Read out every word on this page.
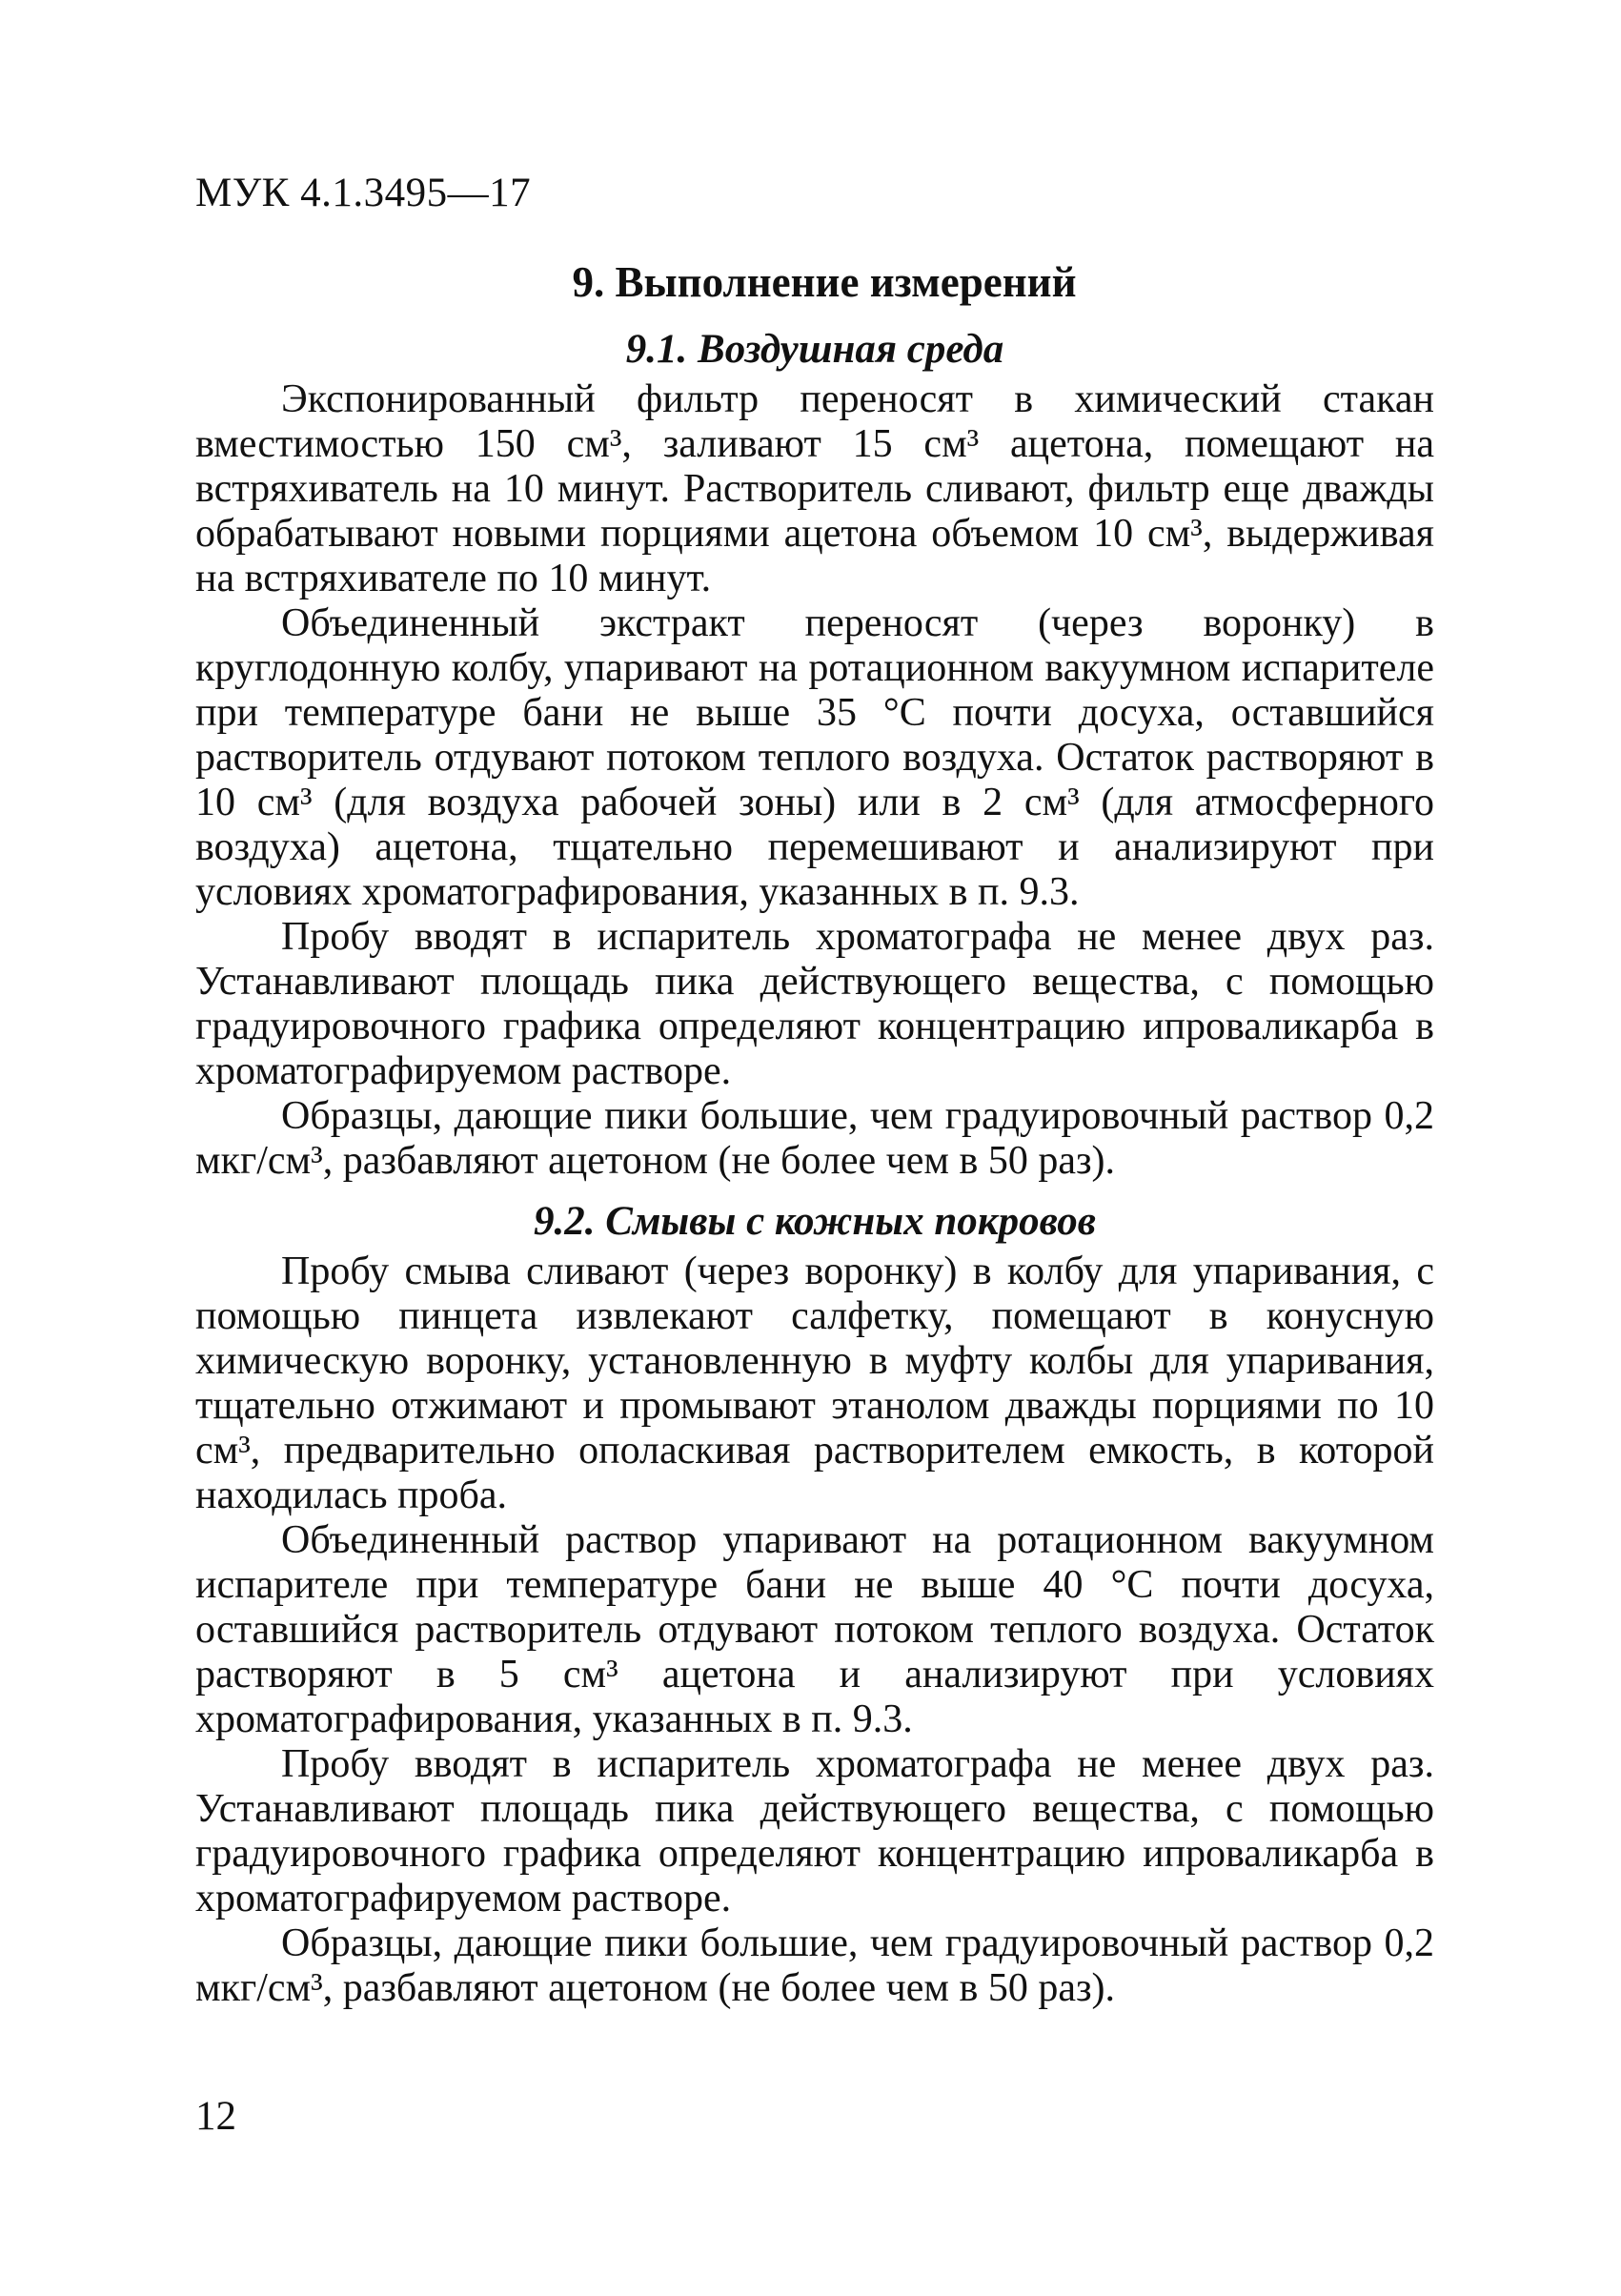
МУК 4.1.3495—17
9. Выполнение измерений
9.1. Воздушная среда

Экспонированный фильтр переносят в химический стакан вместимостью 150 см³, заливают 15 см³ ацетона, помещают на встряхиватель на 10 минут. Растворитель сливают, фильтр еще дважды обрабатывают новыми порциями ацетона объемом 10 см³, выдерживая на встряхивателе по 10 минут.

Объединенный экстракт переносят (через воронку) в круглодонную колбу, упаривают на ротационном вакуумном испарителе при температуре бани не выше 35 °С почти досуха, оставшийся растворитель отдувают потоком теплого воздуха. Остаток растворяют в 10 см³ (для воздуха рабочей зоны) или в 2 см³ (для атмосферного воздуха) ацетона, тщательно перемешивают и анализируют при условиях хроматографирования, указанных в п. 9.3.

Пробу вводят в испаритель хроматографа не менее двух раз. Устанавливают площадь пика действующего вещества, с помощью градуировочного графика определяют концентрацию ипроваликарба в хроматографируемом растворе.

Образцы, дающие пики большие, чем градуировочный раствор 0,2 мкг/см³, разбавляют ацетоном (не более чем в 50 раз).

9.2. Смывы с кожных покровов

Пробу смыва сливают (через воронку) в колбу для упаривания, с помощью пинцета извлекают салфетку, помещают в конусную химическую воронку, установленную в муфту колбы для упаривания, тщательно отжимают и промывают этанолом дважды порциями по 10 см³, предварительно ополаскивая растворителем емкость, в которой находилась проба.

Объединенный раствор упаривают на ротационном вакуумном испарителе при температуре бани не выше 40 °С почти досуха, оставшийся растворитель отдувают потоком теплого воздуха. Остаток растворяют в 5 см³ ацетона и анализируют при условиях хроматографирования, указанных в п. 9.3.

Пробу вводят в испаритель хроматографа не менее двух раз. Устанавливают площадь пика действующего вещества, с помощью градуировочного графика определяют концентрацию ипроваликарба в хроматографируемом растворе.

Образцы, дающие пики большие, чем градуировочный раствор 0,2 мкг/см³, разбавляют ацетоном (не более чем в 50 раз).

12
